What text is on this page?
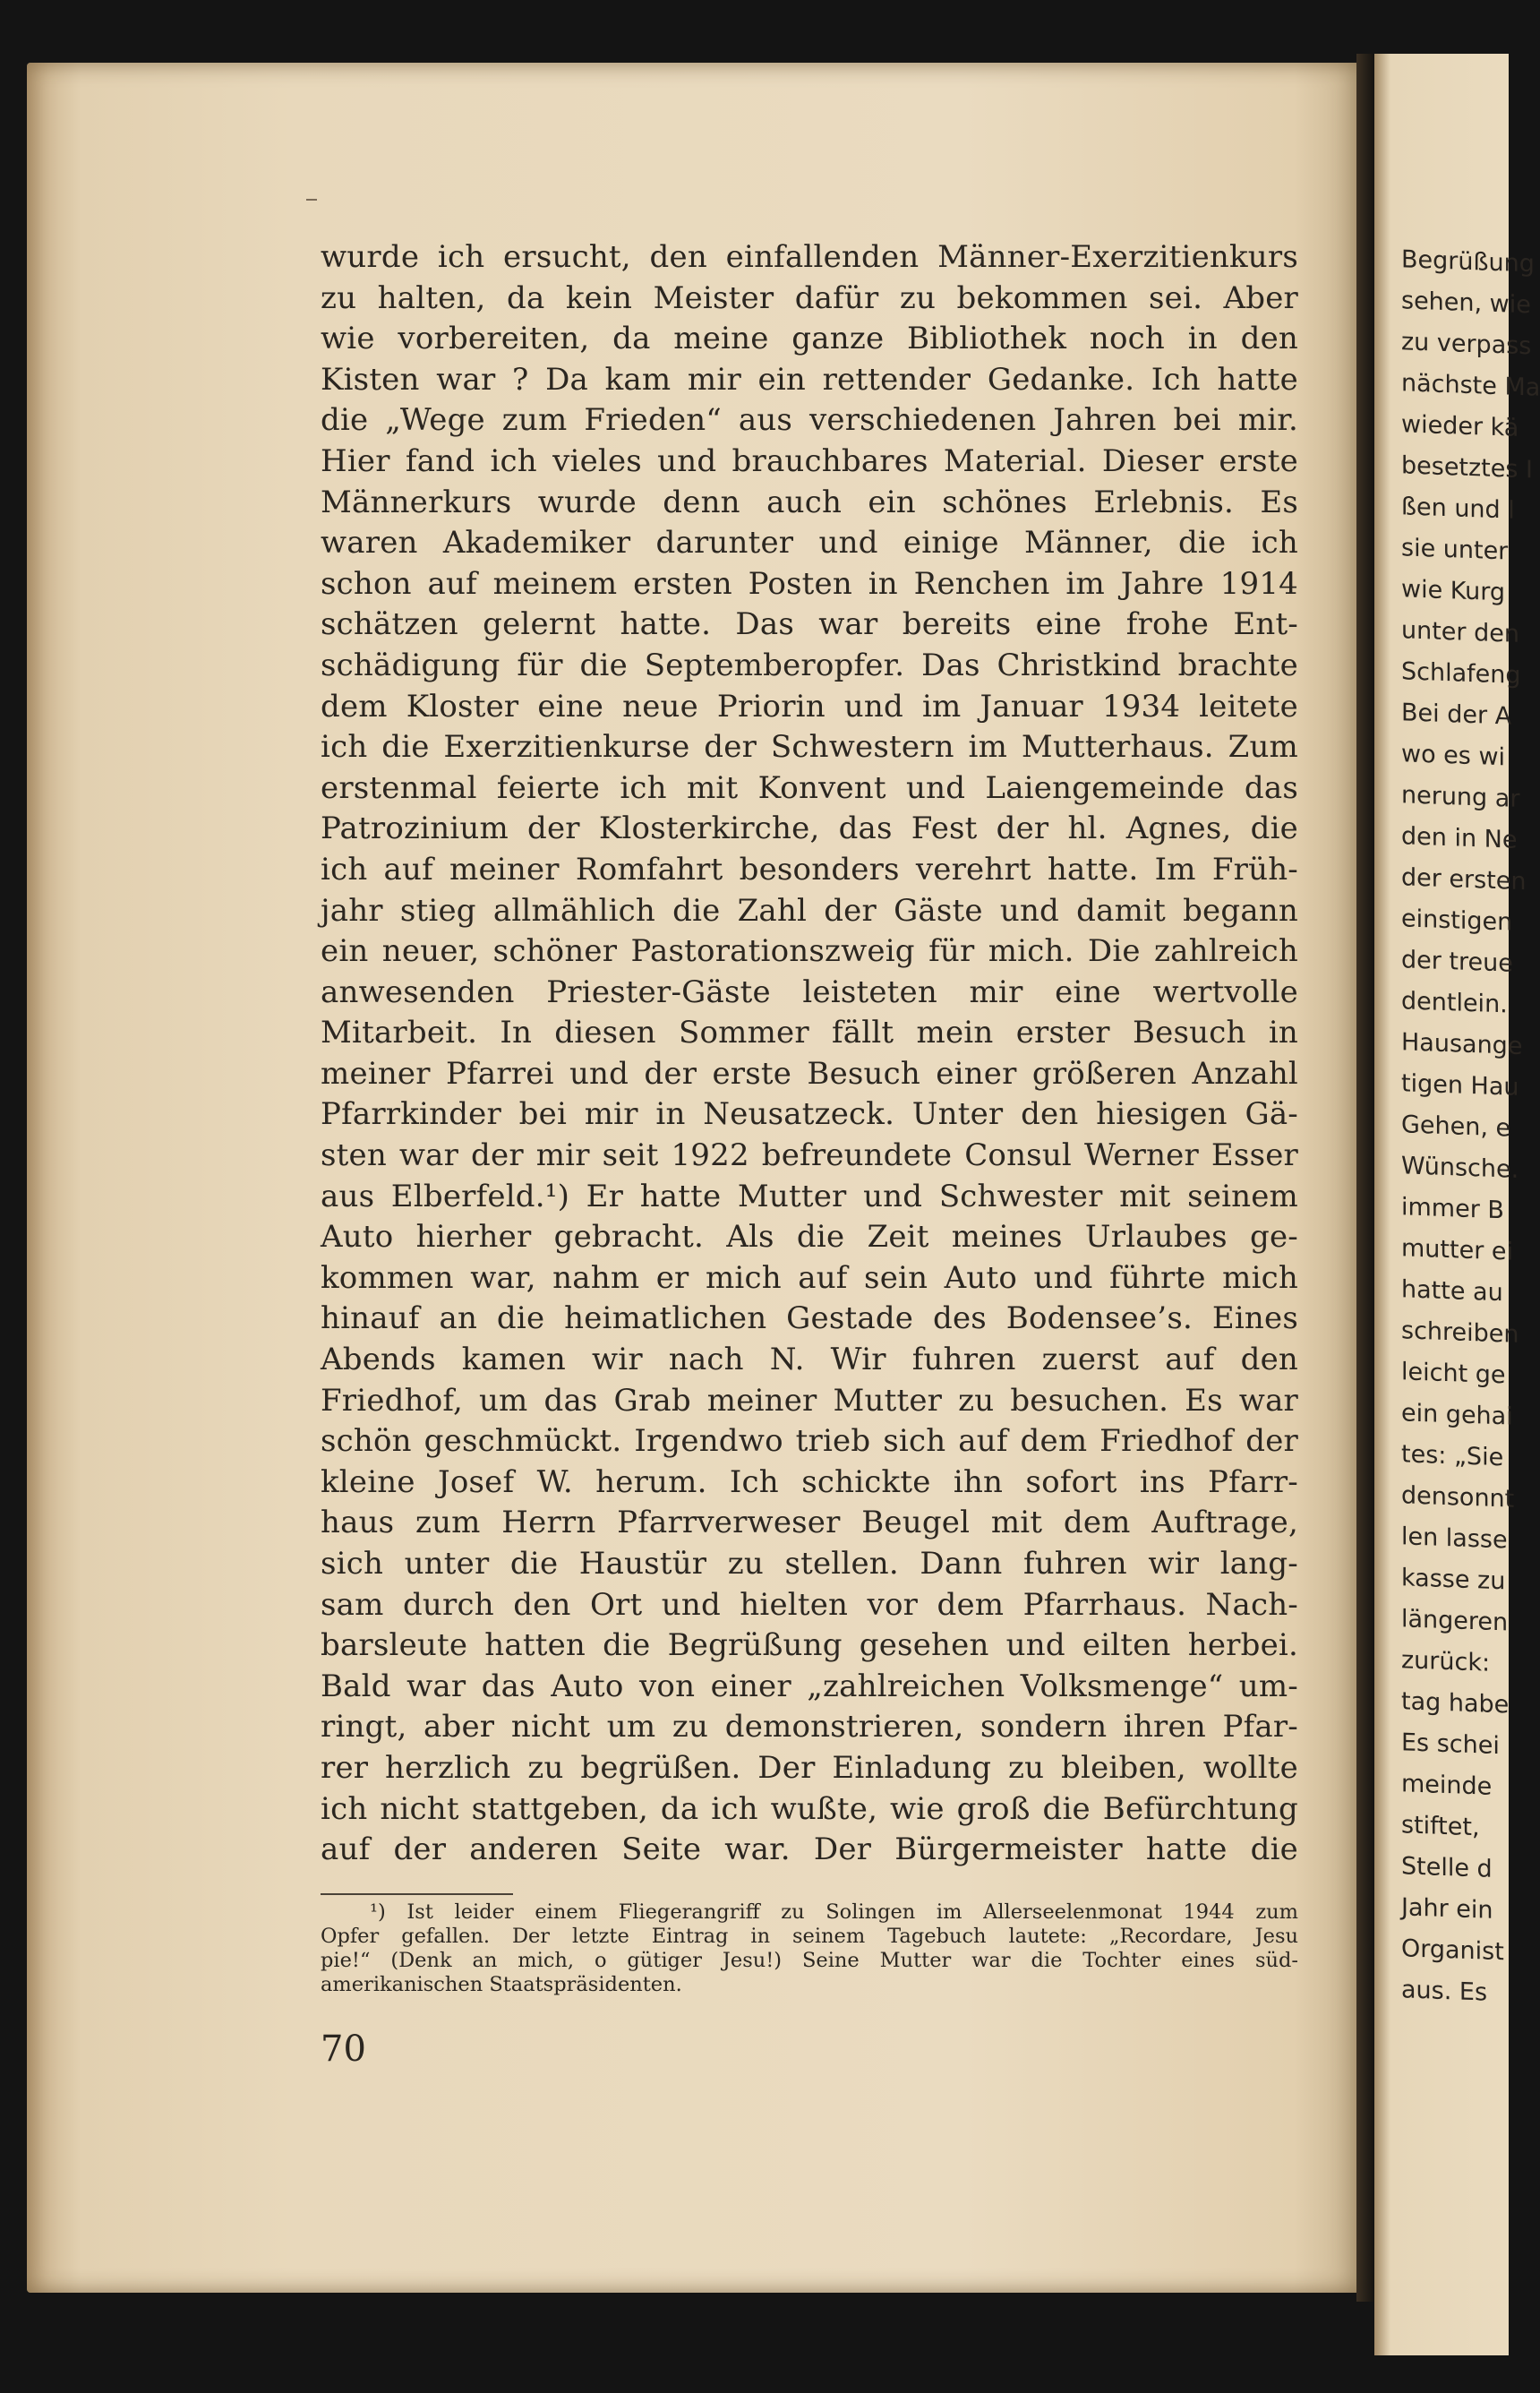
Begrüßung
sehen, wie
zu verpass
nächste Ma
wieder kä
besetztes I
ßen und l
sie unter
wie Kurg
unter den
Schlafeng
Bei der A
wo es wi
nerung ar
den in Ne
der ersten
einstigen
der treue
dentlein.
Hausange
tigen Hau
Gehen, e
Wünsche.
immer B
mutter ei
hatte au
schreiben
leicht ge
ein gehai
tes: „Sie
densonnt
len lasse
kasse zu
längeren
zurück:
tag habe
Es schei
meinde
stiftet,
Stelle d
Jahr ein
Organist
aus. Es
wurde ich ersucht, den einfallenden Männer-Exerzitienkurs
zu halten, da kein Meister dafür zu bekommen sei. Aber
wie vorbereiten, da meine ganze Bibliothek noch in den
Kisten war ? Da kam mir ein rettender Gedanke. Ich hatte
die „Wege zum Frieden“ aus verschiedenen Jahren bei mir.
Hier fand ich vieles und brauchbares Material. Dieser erste
Männerkurs wurde denn auch ein schönes Erlebnis. Es
waren Akademiker darunter und einige Männer, die ich
schon auf meinem ersten Posten in Renchen im Jahre 1914
schätzen gelernt hatte. Das war bereits eine frohe Ent-
schädigung für die Septemberopfer. Das Christkind brachte
dem Kloster eine neue Priorin und im Januar 1934 leitete
ich die Exerzitienkurse der Schwestern im Mutterhaus. Zum
erstenmal feierte ich mit Konvent und Laiengemeinde das
Patrozinium der Klosterkirche, das Fest der hl. Agnes, die
ich auf meiner Romfahrt besonders verehrt hatte. Im Früh-
jahr stieg allmählich die Zahl der Gäste und damit begann
ein neuer, schöner Pastorationszweig für mich. Die zahlreich
anwesenden Priester-Gäste leisteten mir eine wertvolle
Mitarbeit. In diesen Sommer fällt mein erster Besuch in
meiner Pfarrei und der erste Besuch einer größeren Anzahl
Pfarrkinder bei mir in Neusatzeck. Unter den hiesigen Gä-
sten war der mir seit 1922 befreundete Consul Werner Esser
aus Elberfeld.¹) Er hatte Mutter und Schwester mit seinem
Auto hierher gebracht. Als die Zeit meines Urlaubes ge-
kommen war, nahm er mich auf sein Auto und führte mich
hinauf an die heimatlichen Gestade des Bodensee’s. Eines
Abends kamen wir nach N. Wir fuhren zuerst auf den
Friedhof, um das Grab meiner Mutter zu besuchen. Es war
schön geschmückt. Irgendwo trieb sich auf dem Friedhof der
kleine Josef W. herum. Ich schickte ihn sofort ins Pfarr-
haus zum Herrn Pfarrverweser Beugel mit dem Auftrage,
sich unter die Haustür zu stellen. Dann fuhren wir lang-
sam durch den Ort und hielten vor dem Pfarrhaus. Nach-
barsleute hatten die Begrüßung gesehen und eilten herbei.
Bald war das Auto von einer „zahlreichen Volksmenge“ um-
ringt, aber nicht um zu demonstrieren, sondern ihren Pfar-
rer herzlich zu begrüßen. Der Einladung zu bleiben, wollte
ich nicht stattgeben, da ich wußte, wie groß die Befürchtung
auf der anderen Seite war. Der Bürgermeister hatte die
¹) Ist leider einem Fliegerangriff zu Solingen im Allerseelenmonat 1944 zum
Opfer gefallen. Der letzte Eintrag in seinem Tagebuch lautete: „Recordare, Jesu
pie!“ (Denk an mich, o gütiger Jesu!) Seine Mutter war die Tochter eines süd-
amerikanischen Staatspräsidenten.
70
